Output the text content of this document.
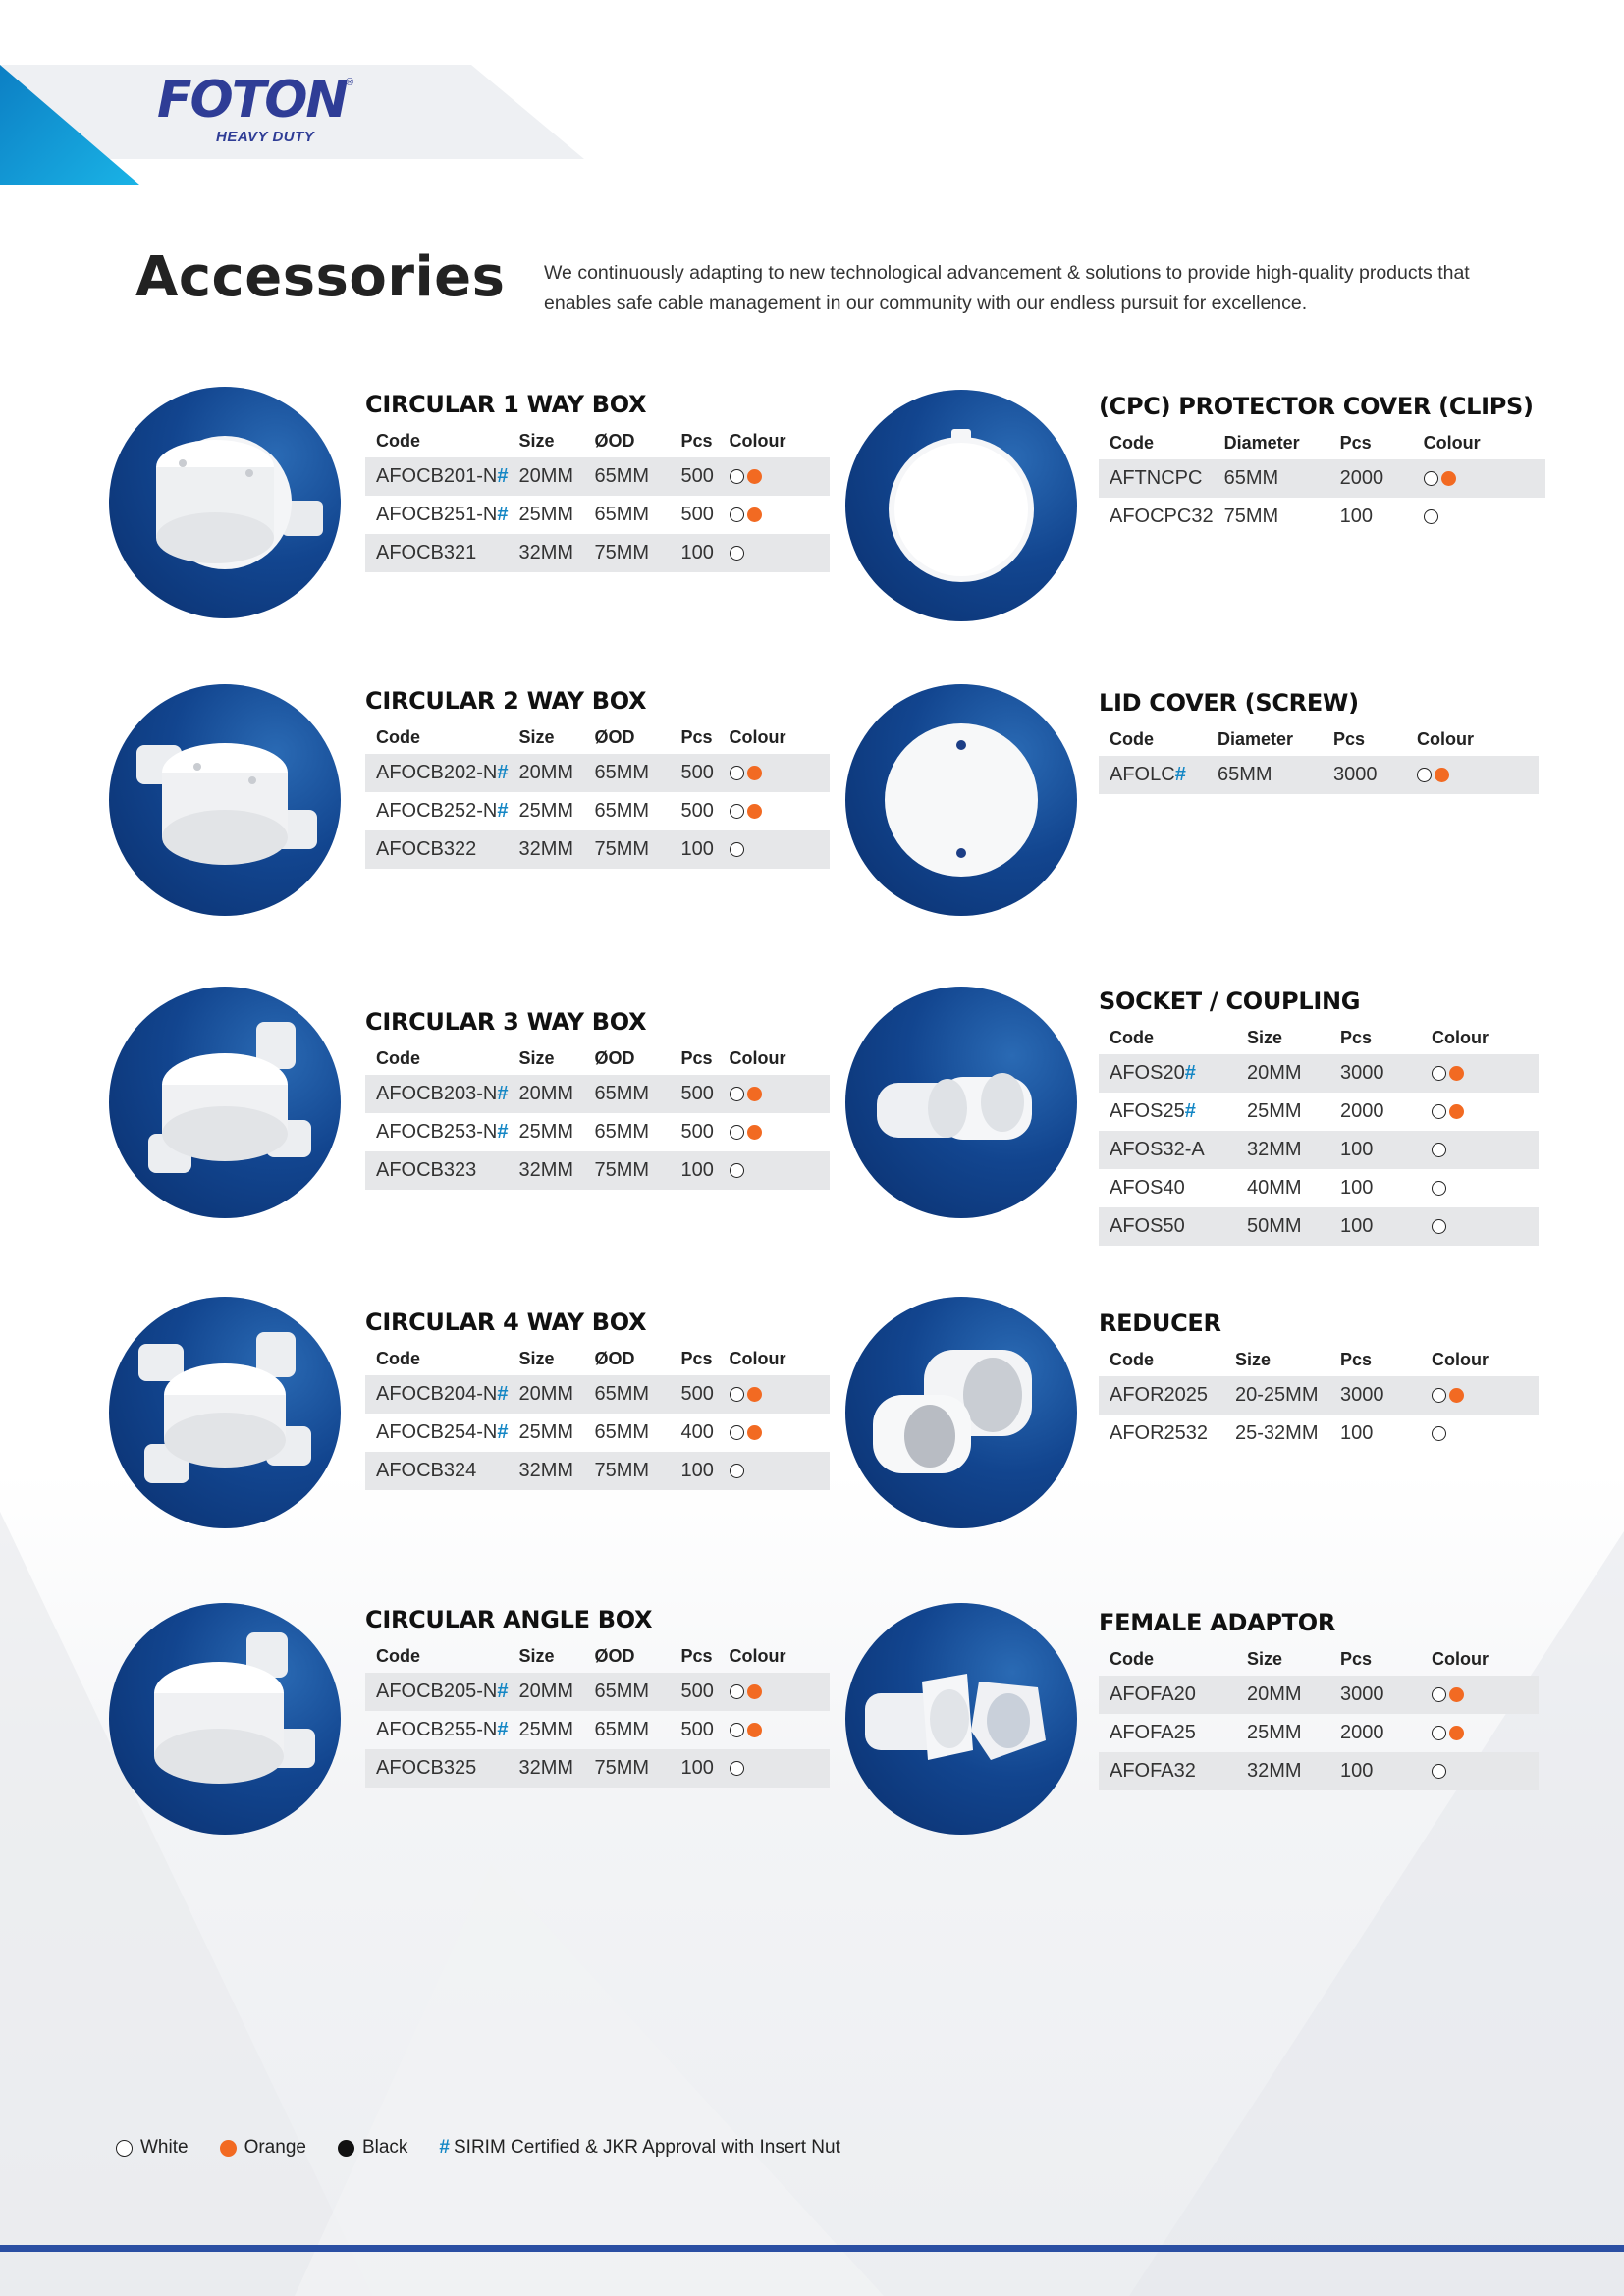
FOTON ®
HEAVY DUTY
Accessories We continuously adapting to new technological advancement & solutions to provide high-quality products that enables safe cable management in our community with our endless pursuit for excellence.

CIRCULAR 1 WAY BOX
Code	Size	ØOD	Pcs	Colour
AFOCB201-N#	20MM	65MM	500	
AFOCB251-N#	25MM	65MM	500	
AFOCB321	32MM	75MM	100	
CIRCULAR 2 WAY BOX
Code	Size	ØOD	Pcs	Colour
AFOCB202-N#	20MM	65MM	500	
AFOCB252-N#	25MM	65MM	500	
AFOCB322	32MM	75MM	100	
CIRCULAR 3 WAY BOX
Code	Size	ØOD	Pcs	Colour
AFOCB203-N#	20MM	65MM	500	
AFOCB253-N#	25MM	65MM	500	
AFOCB323	32MM	75MM	100	
CIRCULAR 4 WAY BOX
Code	Size	ØOD	Pcs	Colour
AFOCB204-N#	20MM	65MM	500	
AFOCB254-N#	25MM	65MM	400	
AFOCB324	32MM	75MM	100	
CIRCULAR ANGLE BOX
Code	Size	ØOD	Pcs	Colour
AFOCB205-N#	20MM	65MM	500	
AFOCB255-N#	25MM	65MM	500	
AFOCB325	32MM	75MM	100	
(CPC) PROTECTOR COVER (CLIPS)
Code	Diameter	Pcs	Colour
AFTNCPC	65MM	2000	
AFOCPC32	75MM	100	
LID COVER (SCREW)
Code	Diameter	Pcs	Colour
AFOLC#	65MM	3000	
SOCKET / COUPLING
Code	Size	Pcs	Colour
AFOS20#	20MM	3000	
AFOS25#	25MM	2000	
AFOS32-A	32MM	100	
AFOS40	40MM	100	
AFOS50	50MM	100	
REDUCER
Code	Size	Pcs	Colour
AFOR2025	20-25MM	3000	
AFOR2532	25-32MM	100	
FEMALE ADAPTOR
Code	Size	Pcs	Colour
AFOFA20	20MM	3000	
AFOFA25	25MM	2000	
AFOFA32	32MM	100	
White	Orange	Black # SIRIM Certified & JKR Approval with Insert Nut
